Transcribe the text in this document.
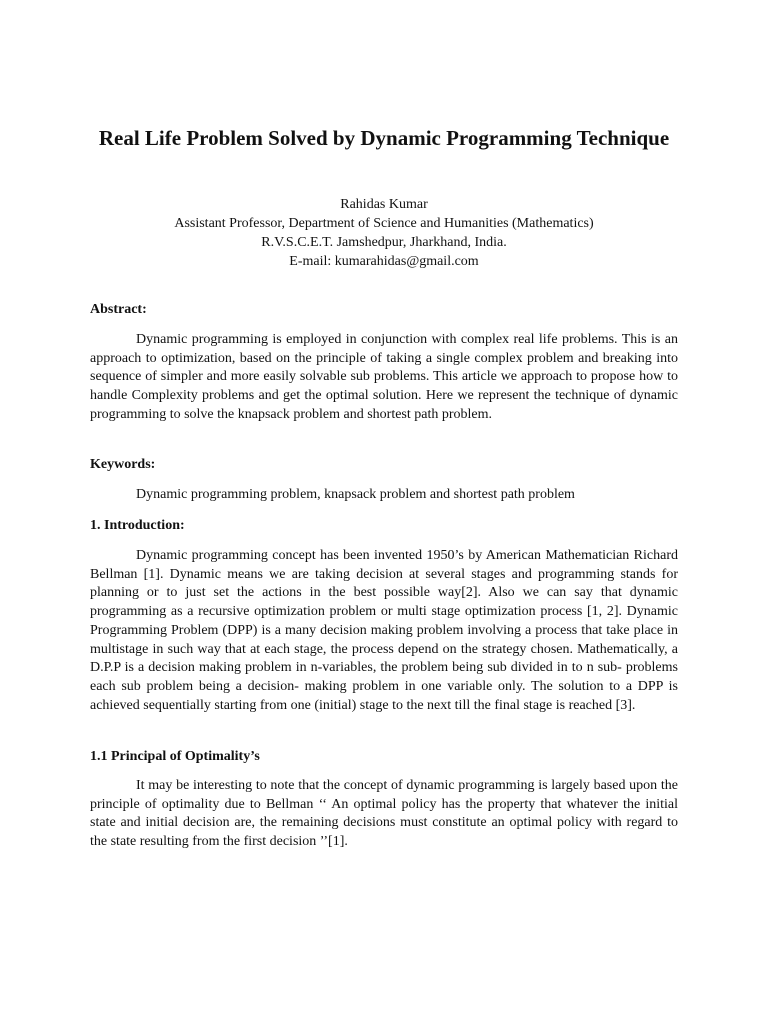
Real Life Problem Solved by Dynamic Programming Technique
Rahidas Kumar
Assistant Professor, Department of Science and Humanities (Mathematics)
R.V.S.C.E.T. Jamshedpur, Jharkhand, India.
E-mail: kumarahidas@gmail.com
Abstract:

Dynamic programming is employed in conjunction with complex real life problems. This is an approach to optimization, based on the principle of taking a single complex problem and breaking into sequence of simpler and more easily solvable sub problems. This article we approach to propose how to handle Complexity problems and get the optimal solution. Here we represent the technique of dynamic programming to solve the knapsack problem and shortest path problem.

Keywords:

Dynamic programming problem, knapsack problem and shortest path problem

1. Introduction:

Dynamic programming concept has been invented 1950’s by American Mathematician Richard Bellman [1]. Dynamic means we are taking decision at several stages and programming stands for planning or to just set the actions in the best possible way[2]. Also we can say that dynamic programming as a recursive optimization problem or multi stage optimization process [1, 2]. Dynamic Programming Problem (DPP) is a many decision making problem involving a process that take place in multistage in such way that at each stage, the process depend on the strategy chosen. Mathematically, a D.P.P is a decision making problem in n-variables, the problem being sub divided in to n sub- problems each sub problem being a decision- making problem in one variable only. The solution to a DPP is achieved sequentially starting from one (initial) stage to the next till the final stage is reached [3].

1.1 Principal of Optimality’s

It may be interesting to note that the concept of dynamic programming is largely based upon the principle of optimality due to Bellman ‘‘ An optimal policy has the property that whatever the initial state and initial decision are, the remaining decisions must constitute an optimal policy with regard to the state resulting from the first decision ’’[1].
